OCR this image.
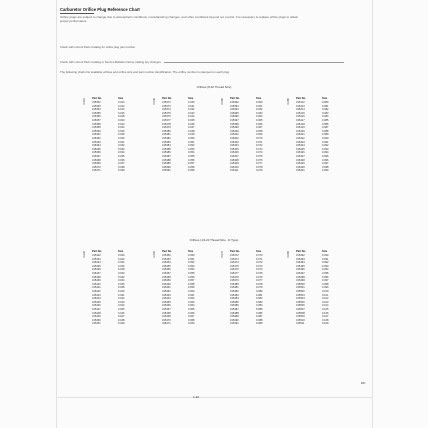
Carburetor Orifice Plug Reference Chart
Orifice plugs are subject to change due to atmospheric conditions, manufacturing changes, and other conditions beyond our control. It is necessary to replace orifice plugs to obtain proper performance.
Check with current Parts Catalog for orifice plug part number.
Check with current Parts Catalog or Service Bulletins before making any changes.
The following charts list available orifices and orifice size and part number identification. The orifice number is stamped on each plug.
Orifices (8-32 Thread Size)
0.010 Part No.
315352
315353
315354
315355
315356
315357
315358
315359
315360
315361
315362
315363
315364
315365
315366
315367
315368
315369
315370
315371
Size
0.010
0.012
0.014
0.016
0.018
0.020
0.022
0.024
0.026
0.028
0.030
0.031
0.032
0.033
0.034
0.035
0.036
0.037
0.038
0.039
0.040 Part No.
315372
315373
315374
315375
315376
315377
315378
315379
315380
315381
315382
315383
315384
315385
315386
315387
315388
315389
315390
315391
Size
0.040
0.041
0.042
0.043
0.044
0.045
0.046
0.047
0.048
0.049
0.050
0.051
0.052
0.053
0.054
0.055
0.056
0.057
0.058
0.059
0.060 Part No.
315392
315393
315394
315395
315396
315397
315398
315399
315400
315401
315402
315403
315404
315405
315406
315407
315408
315409
315410
315411
Size
0.060
0.061
0.062
0.063
0.064
0.065
0.066
0.067
0.068
0.069
0.070
0.071
0.072
0.073
0.074
0.075
0.076
0.077
0.078
0.079
0.080 Part No.
315412
315413
315414
315415
315416
315417
315418
315419
315420
315421
315422
315423
315424
315425
315426
315427
315428
315429
315430
315431
Size
0.080
0.081
0.082
0.083
0.084
0.085
0.086
0.087
0.088
0.089
0.090
0.091
0.092
0.093
0.094
0.095
0.096
0.097
0.098
0.099
Orifices (1/4-20 Thread Size - D Type)
0.020 Part No.
315432
315433
315434
315435
315436
315437
315438
315439
315440
315441
315442
315443
315444
315445
315446
315447
315448
315449
315450
315451
Size
0.020
0.022
0.024
0.026
0.028
0.030
0.032
0.034
0.036
0.038
0.040
0.041
0.042
0.043
0.044
0.045
0.046
0.047
0.048
0.049
0.050 Part No.
315452
315453
315454
315455
315456
315457
315458
315459
315460
315461
315462
315463
315464
315465
315466
315467
315468
315469
315470
315471
Size
0.050
0.051
0.052
0.053
0.054
0.055
0.056
0.057
0.058
0.059
0.060
0.061
0.062
0.063
0.064
0.065
0.066
0.067
0.068
0.069
0.070 Part No.
315472
315473
315474
315475
315476
315477
315478
315479
315480
315481
315482
315483
315484
315485
315486
315487
315488
315489
315490
315491
Size
0.070
0.071
0.072
0.073
0.074
0.075
0.076
0.077
0.078
0.079
0.080
0.081
0.082
0.083
0.084
0.085
0.086
0.087
0.088
0.089
0.090 Part No.
315492
315493
315494
315495
315496
315497
315498
315499
315500
315501
315502
315503
315504
315505
315506
315507
315508
315509
315510
315511
Size
0.090
0.091
0.092
0.093
0.094
0.095
0.096
0.097
0.098
0.099
0.100
0.101
0.102
0.103
0.104
0.105
0.106
0.107
0.108
0.109
1-46
IMC
